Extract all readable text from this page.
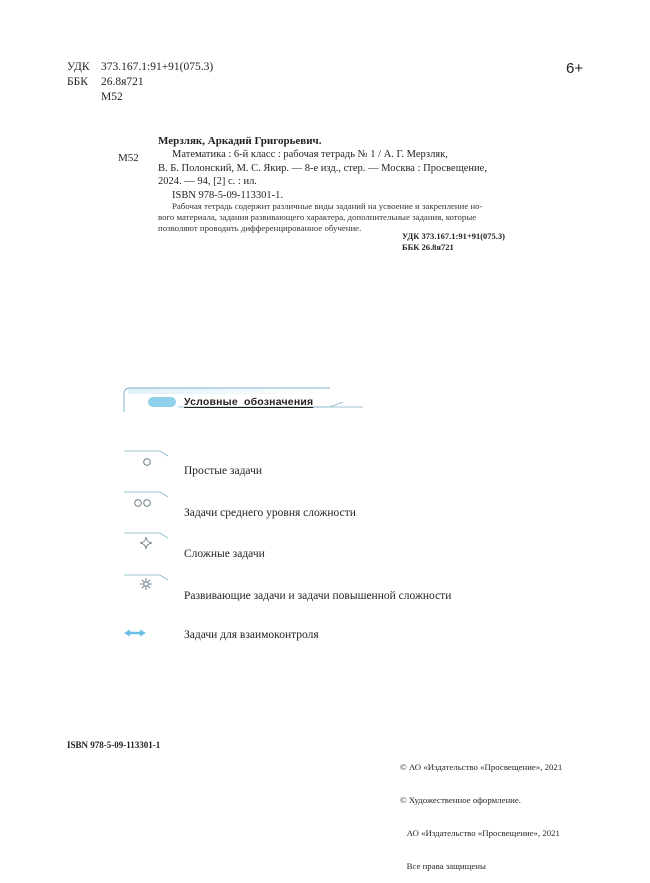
УДК 373.167.1:91+91(075.3)
ББК 26.8я721
М52
6+
М52
Мерзляк, Аркадий Григорьевич.
Математика : 6-й класс : рабочая тетрадь № 1 / А. Г. Мерзляк,
В. Б. Полонский, М. С. Якир. — 8-е изд., стер. — Москва : Просвещение,
2024. — 94, [2] с. : ил.
ISBN 978-5-09-113301-1.
Рабочая тетрадь содержит различные виды заданий на усвоение и закрепление но-
вого материала, задания развивающего характера, дополнительные задания, которые
позволяют проводить дифференцированное обучение.
УДК 373.167.1:91+91(075.3)
ББК 26.8я721
Условные обозначения
Простые задачи
Задачи среднего уровня сложности
Сложные задачи
Развивающие задачи и задачи повышенной сложности
Задачи для взаимоконтроля
ISBN 978-5-09-113301-1

© АО «Издательство «Просвещение», 2021

© Художественное оформление.

АО «Издательство «Просвещение», 2021

Все права защищены
